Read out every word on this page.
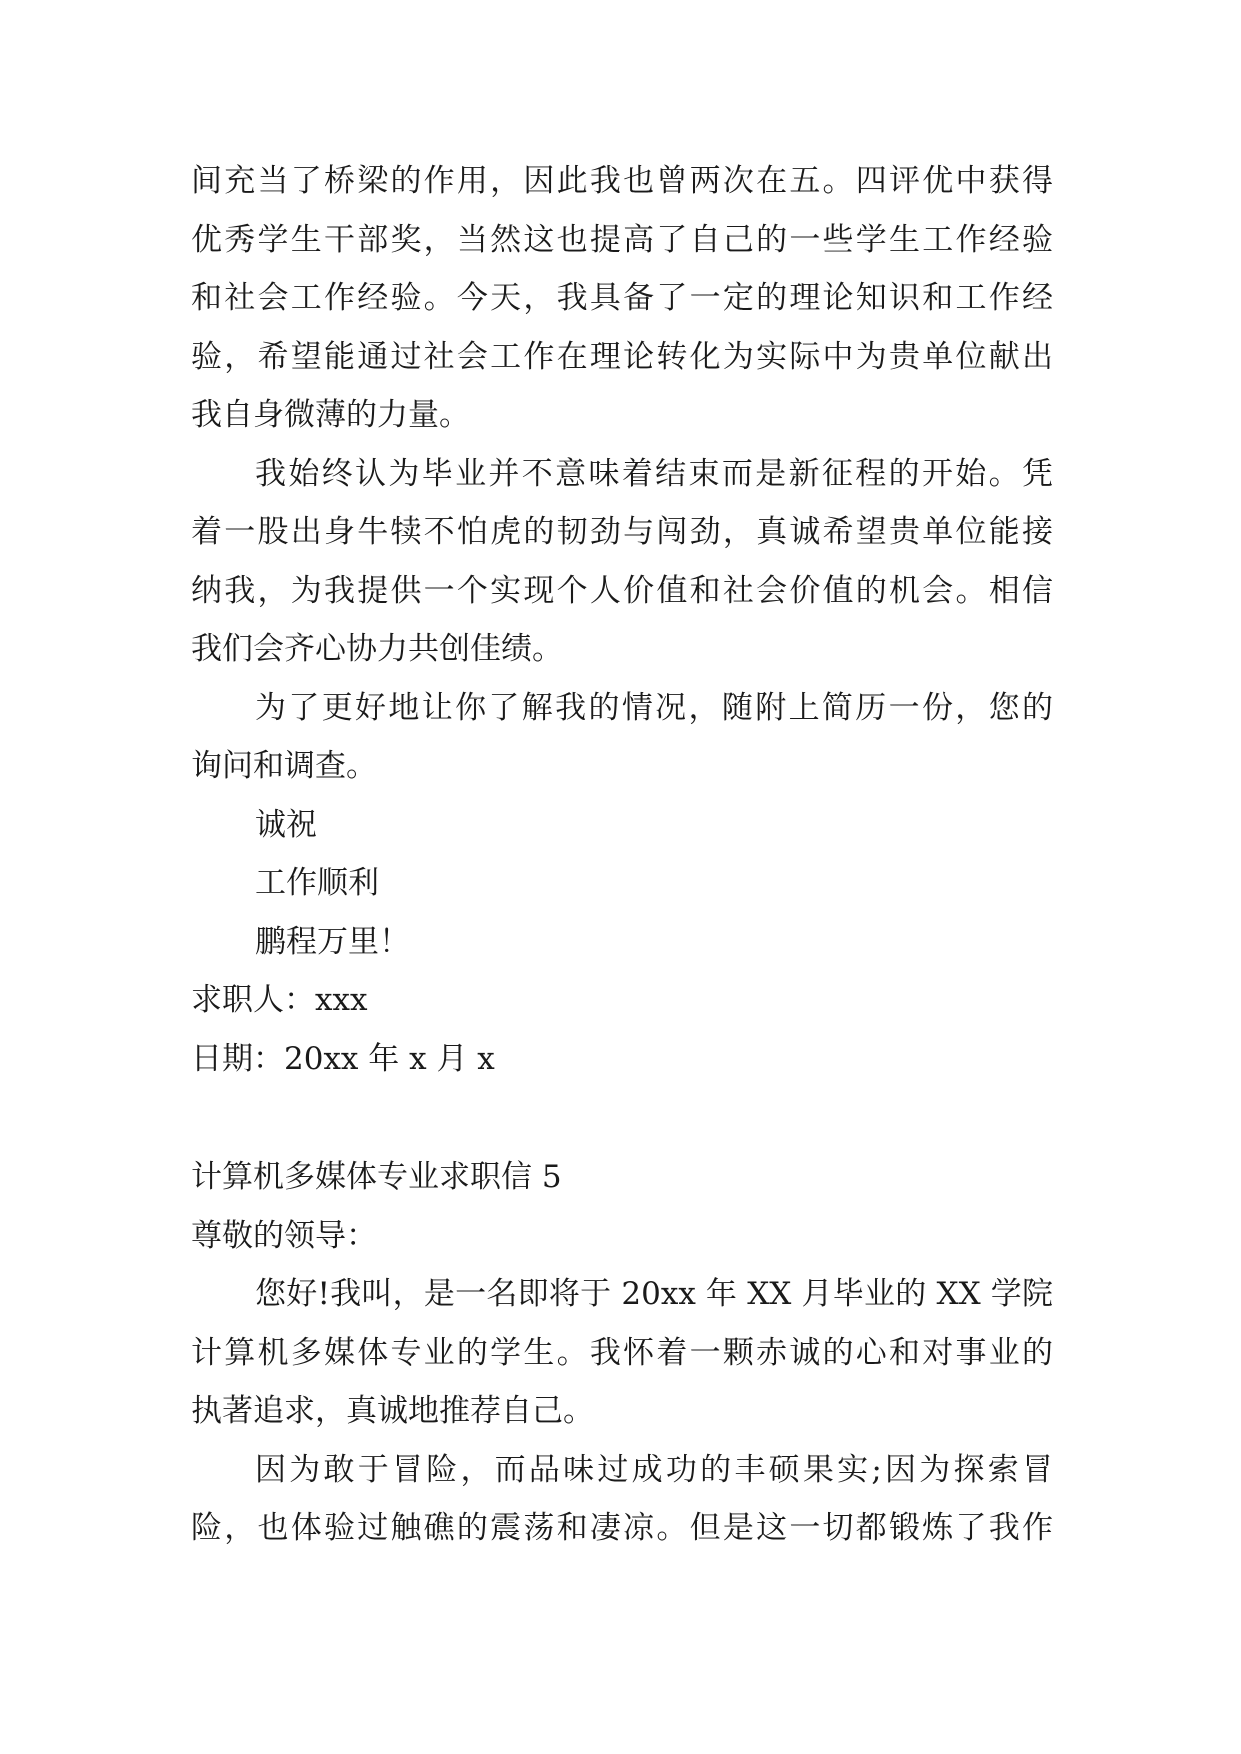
间充当了桥梁的作用，因此我也曾两次在五。四评优中获得
优秀学生干部奖，当然这也提高了自己的一些学生工作经验
和社会工作经验。今天，我具备了一定的理论知识和工作经
验，希望能通过社会工作在理论转化为实际中为贵单位献出
我自身微薄的力量。
我始终认为毕业并不意味着结束而是新征程的开始。凭
着一股出身牛犊不怕虎的韧劲与闯劲，真诚希望贵单位能接
纳我，为我提供一个实现个人价值和社会价值的机会。相信
我们会齐心协力共创佳绩。
为了更好地让你了解我的情况，随附上简历一份，您的
询问和调查。
诚祝
工作顺利
鹏程万里！
求职人：xxx
日期：20xx 年 x 月 x
计算机多媒体专业求职信 5
尊敬的领导：
您好!我叫，是一名即将于 20xx 年 XX 月毕业的 XX 学院
计算机多媒体专业的学生。我怀着一颗赤诚的心和对事业的
执著追求，真诚地推荐自己。
因为敢于冒险，而品味过成功的丰硕果实;因为探索冒
险，也体验过触礁的震荡和凄凉。但是这一切都锻炼了我作
